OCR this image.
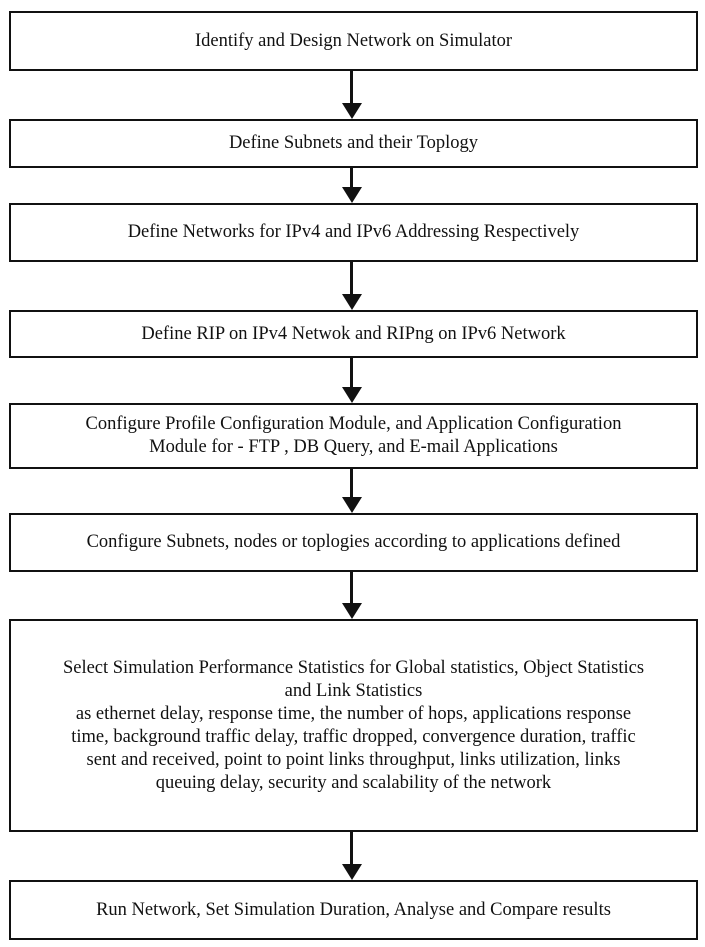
Identify and Design Network on Simulator
Define Subnets and their Toplogy
Define Networks for IPv4 and IPv6 Addressing Respectively
Define RIP on IPv4 Netwok and RIPng on IPv6 Network
Configure Profile Configuration Module, and Application Configuration
Module for - FTP , DB Query, and E-mail Applications
Configure Subnets, nodes or toplogies according to applications defined
Select Simulation Performance Statistics for Global statistics, Object Statistics
and Link Statistics
as ethernet delay, response time, the number of hops, applications response
time, background traffic delay, traffic dropped, convergence duration, traffic
sent and received, point to point links throughput, links utilization, links
queuing delay, security and scalability of the network
Run Network, Set Simulation Duration, Analyse and Compare results
